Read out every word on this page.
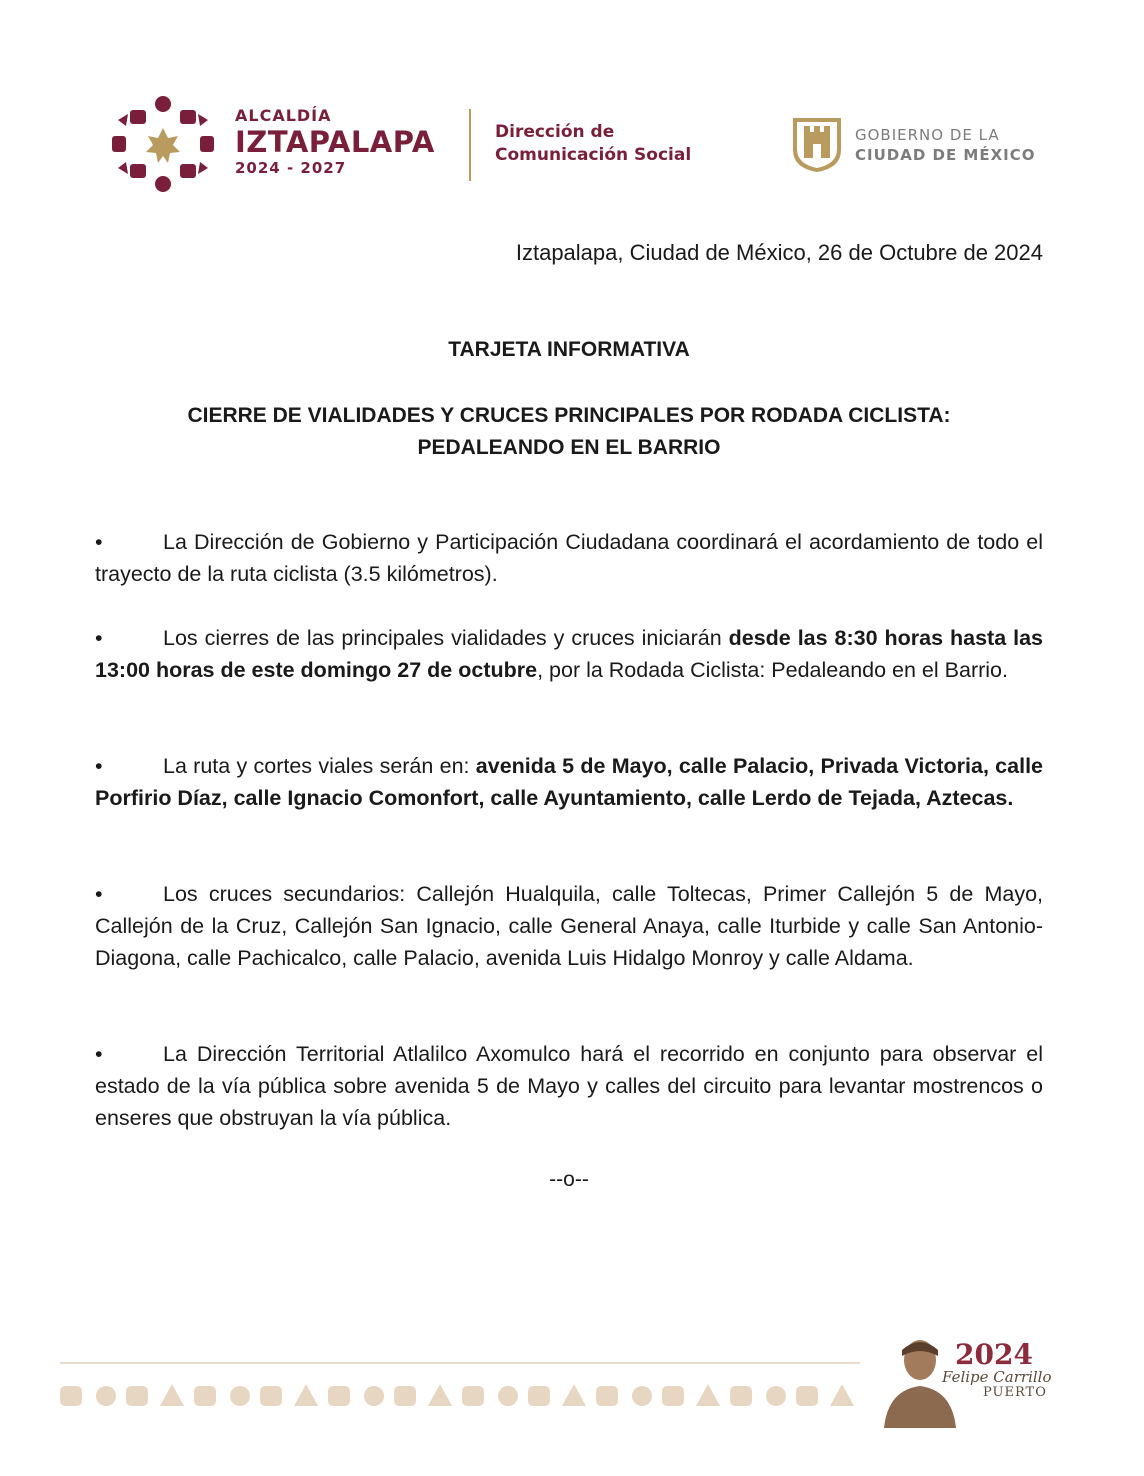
ALCALDÍA
IZTAPALAPA
2024 - 2027
Dirección de
Comunicación Social
GOBIERNO DE LA
CIUDAD DE MÉXICO
Iztapalapa, Ciudad de México, 26 de Octubre de 2024
TARJETA INFORMATIVA
CIERRE DE VIALIDADES Y CRUCES PRINCIPALES POR RODADA CICLISTA:
PEDALEANDO EN EL BARRIO
•	La Dirección de Gobierno y Participación Ciudadana coordinará el acordamiento de todo el trayecto de la ruta ciclista (3.5 kilómetros).
•	Los cierres de las principales vialidades y cruces iniciarán desde las 8:30 horas hasta las 13:00 horas de este domingo 27 de octubre, por la Rodada Ciclista: Pedaleando en el Barrio.
•	La ruta y cortes viales serán en: avenida 5 de Mayo, calle Palacio, Privada Victoria, calle Porfirio Díaz, calle Ignacio Comonfort, calle Ayuntamiento, calle Lerdo de Tejada, Aztecas.
•	Los cruces secundarios: Callejón Hualquila, calle Toltecas, Primer Callejón 5 de Mayo, Callejón de la Cruz, Callejón San Ignacio, calle General Anaya, calle Iturbide y calle San Antonio-Diagona, calle Pachicalco, calle Palacio, avenida Luis Hidalgo Monroy y calle Aldama.
•	La Dirección Territorial Atlalilco Axomulco hará el recorrido en conjunto para observar el estado de la vía pública sobre avenida 5 de Mayo y calles del circuito para levantar mostrencos o enseres que obstruyan la vía pública.
--o--
2024
Felipe Carrillo
PUERTO
